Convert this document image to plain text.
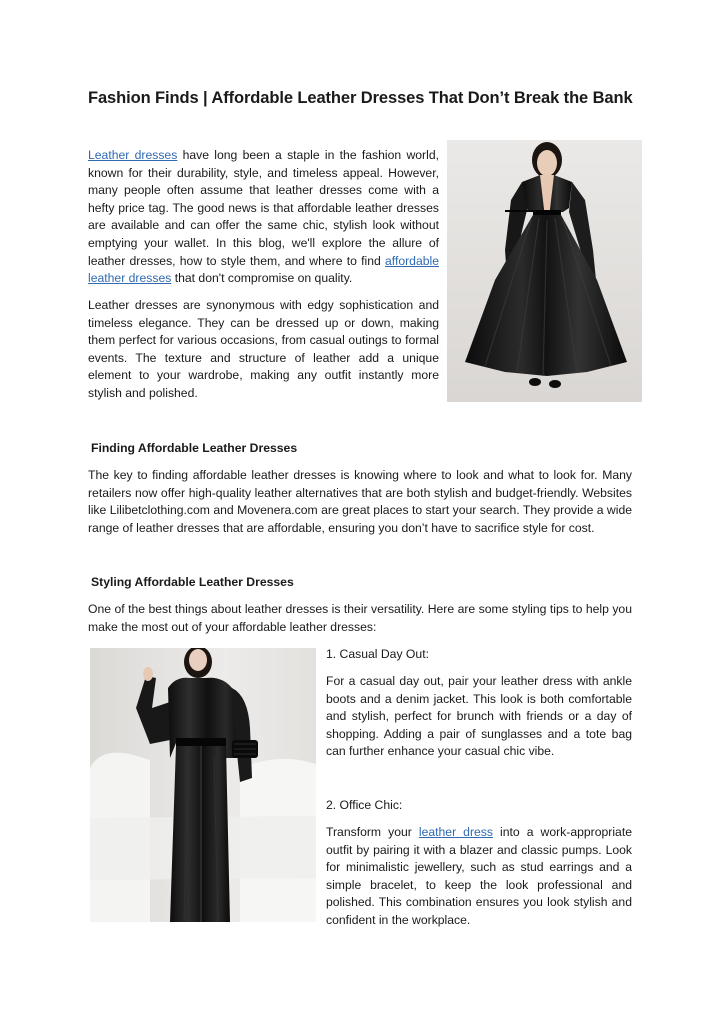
Fashion Finds | Affordable Leather Dresses That Don’t Break the Bank

Leather dresses have long been a staple in the fashion world, known for their durability, style, and timeless appeal. However, many people often assume that leather dresses come with a hefty price tag. The good news is that affordable leather dresses are available and can offer the same chic, stylish look without emptying your wallet. In this blog, we'll explore the allure of leather dresses, how to style them, and where to find affordable leather dresses that don't compromise on quality.

Leather dresses are synonymous with edgy sophistication and timeless elegance. They can be dressed up or down, making them perfect for various occasions, from casual outings to formal events. The texture and structure of leather add a unique element to your wardrobe, making any outfit instantly more stylish and polished.

Finding Affordable Leather Dresses

The key to finding affordable leather dresses is knowing where to look and what to look for. Many retailers now offer high-quality leather alternatives that are both stylish and budget-friendly. Websites like Lilibetclothing.com and Movenera.com are great places to start your search. They provide a wide range of leather dresses that are affordable, ensuring you don’t have to sacrifice style for cost.

Styling Affordable Leather Dresses

One of the best things about leather dresses is their versatility. Here are some styling tips to help you make the most out of your affordable leather dresses:

1. Casual Day Out:

For a casual day out, pair your leather dress with ankle boots and a denim jacket. This look is both comfortable and stylish, perfect for brunch with friends or a day of shopping. Adding a pair of sunglasses and a tote bag can further enhance your casual chic vibe.

2. Office Chic:

Transform your leather dress into a work-appropriate outfit by pairing it with a blazer and classic pumps. Look for minimalistic jewellery, such as stud earrings and a simple bracelet, to keep the look professional and polished. This combination ensures you look stylish and confident in the workplace.
